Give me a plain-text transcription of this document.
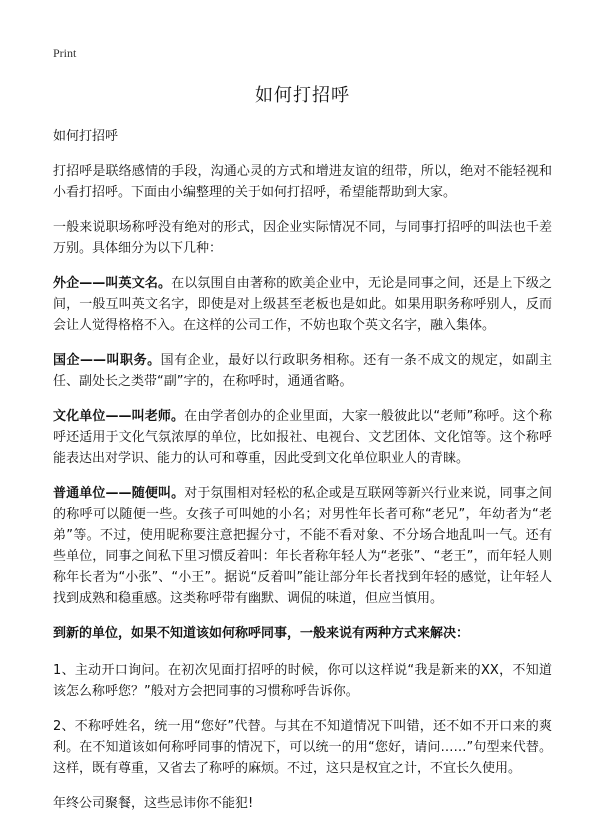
Print
如何打招呼
如何打招呼

打招呼是联络感情的手段，沟通心灵的方式和增进友谊的纽带，所以，绝对不能轻视和小看打招呼。下面由小编整理的关于如何打招呼，希望能帮助到大家。

一般来说职场称呼没有绝对的形式，因企业实际情况不同，与同事打招呼的叫法也千差万别。具体细分为以下几种：

外企——叫英文名。在以氛围自由著称的欧美企业中，无论是同事之间，还是上下级之间，一般互叫英文名字，即使是对上级甚至老板也是如此。如果用职务称呼别人，反而会让人觉得格格不入。在这样的公司工作，不妨也取个英文名字，融入集体。

国企——叫职务。国有企业，最好以行政职务相称。还有一条不成文的规定，如副主任、副处长之类带“副”字的，在称呼时，通通省略。

文化单位——叫老师。在由学者创办的企业里面，大家一般彼此以“老师”称呼。这个称呼还适用于文化气氛浓厚的单位，比如报社、电视台、文艺团体、文化馆等。这个称呼能表达出对学识、能力的认可和尊重，因此受到文化单位职业人的青睐。

普通单位——随便叫。对于氛围相对轻松的私企或是互联网等新兴行业来说，同事之间的称呼可以随便一些。女孩子可叫她的小名；对男性年长者可称“老兄”，年幼者为“老弟”等。不过，使用昵称要注意把握分寸，不能不看对象、不分场合地乱叫一气。还有些单位，同事之间私下里习惯反着叫：年长者称年轻人为“老张”、“老王”，而年轻人则称年长者为“小张”、“小王”。据说“反着叫”能让部分年长者找到年轻的感觉，让年轻人找到成熟和稳重感。这类称呼带有幽默、调侃的味道，但应当慎用。

到新的单位，如果不知道该如何称呼同事，一般来说有两种方式来解决：

1、主动开口询问。在初次见面打招呼的时候，你可以这样说“我是新来的XX，不知道该怎么称呼您？”般对方会把同事的习惯称呼告诉你。

2、不称呼姓名，统一用“您好”代替。与其在不知道情况下叫错，还不如不开口来的爽利。在不知道该如何称呼同事的情况下，可以统一的用“您好，请问……”句型来代替。这样，既有尊重，又省去了称呼的麻烦。不过，这只是权宜之计，不宜长久使用。

年终公司聚餐，这些忌讳你不能犯!
